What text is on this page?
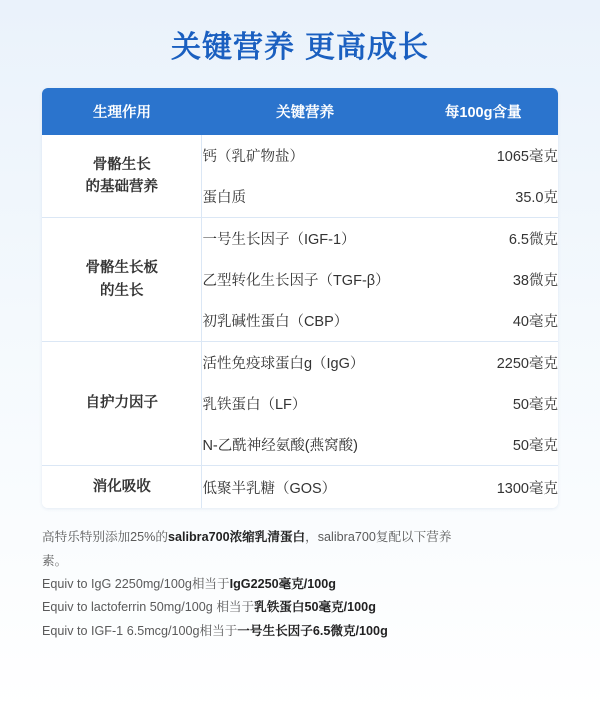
关键营养 更高成长
生理作用	关键营养	每100g含量
骨骼生长
的基础营养	钙（乳矿物盐）	1065毫克
	蛋白质	35.0克
骨骼生长板
的生长	一号生长因子（IGF-1）	6.5微克
	乙型转化生长因子（TGF-β）	38微克
	初乳碱性蛋白（CBP）	40毫克
自护力因子	活性免疫球蛋白g（IgG）	2250毫克
	乳铁蛋白（LF）	50毫克
	N-乙酰神经氨酸(燕窝酸)	50毫克
消化吸收	低聚半乳糖（GOS）	1300毫克

高特乐特别添加25%的salibra700浓缩乳清蛋白，salibra700复配以下营养

素。

Equiv to IgG 2250mg/100g相当于IgG2250毫克/100g

Equiv to lactoferrin 50mg/100g 相当于乳铁蛋白50毫克/100g

Equiv to IGF-1 6.5mcg/100g相当于一号生长因子6.5微克/100g
